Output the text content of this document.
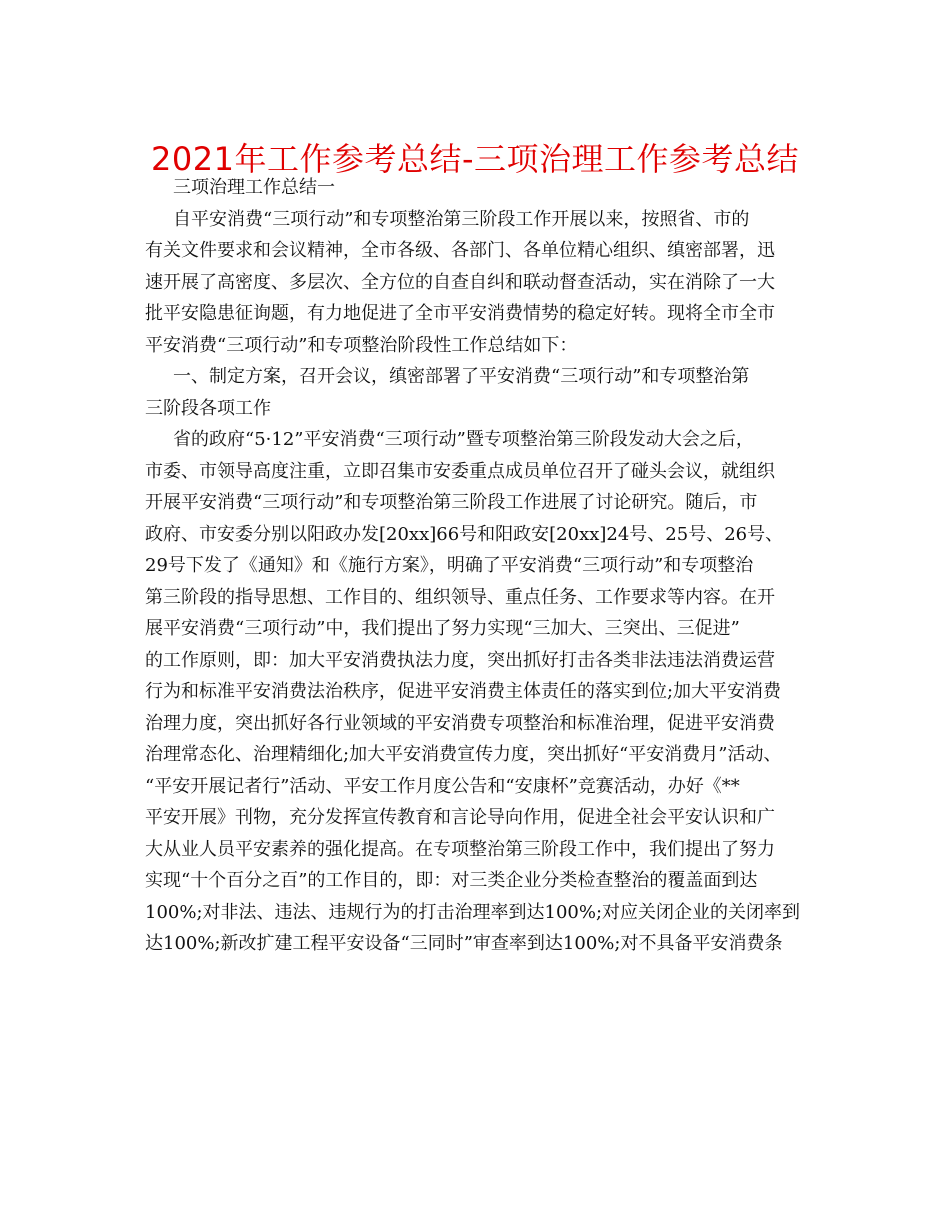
2021年工作参考总结-三项治理工作参考总结
三项治理工作总结一
自平安消费“三项行动”和专项整治第三阶段工作开展以来，按照省、市的
有关文件要求和会议精神，全市各级、各部门、各单位精心组织、缜密部署，迅
速开展了高密度、多层次、全方位的自查自纠和联动督查活动，实在消除了一大
批平安隐患征询题，有力地促进了全市平安消费情势的稳定好转。现将全市全市
平安消费“三项行动”和专项整治阶段性工作总结如下：
一、制定方案，召开会议，缜密部署了平安消费“三项行动”和专项整治第
三阶段各项工作
省的政府“5·12”平安消费“三项行动”暨专项整治第三阶段发动大会之后，
市委、市领导高度注重，立即召集市安委重点成员单位召开了碰头会议，就组织
开展平安消费“三项行动”和专项整治第三阶段工作进展了讨论研究。随后，市
政府、市安委分别以阳政办发[20xx]66号和阳政安[20xx]24号、25号、26号、
29号下发了《通知》和《施行方案》，明确了平安消费“三项行动”和专项整治
第三阶段的指导思想、工作目的、组织领导、重点任务、工作要求等内容。在开
展平安消费“三项行动”中，我们提出了努力实现“三加大、三突出、三促进”
的工作原则，即：加大平安消费执法力度，突出抓好打击各类非法违法消费运营
行为和标准平安消费法治秩序，促进平安消费主体责任的落实到位;加大平安消费
治理力度，突出抓好各行业领域的平安消费专项整治和标准治理，促进平安消费
治理常态化、治理精细化;加大平安消费宣传力度，突出抓好“平安消费月”活动、
“平安开展记者行”活动、平安工作月度公告和“安康杯”竞赛活动，办好《**
平安开展》刊物，充分发挥宣传教育和言论导向作用，促进全社会平安认识和广
大从业人员平安素养的强化提高。在专项整治第三阶段工作中，我们提出了努力
实现“十个百分之百”的工作目的，即：对三类企业分类检查整治的覆盖面到达
100%;对非法、违法、违规行为的打击治理率到达100%;对应关闭企业的关闭率到
达100%;新改扩建工程平安设备“三同时”审查率到达100%;对不具备平安消费条
